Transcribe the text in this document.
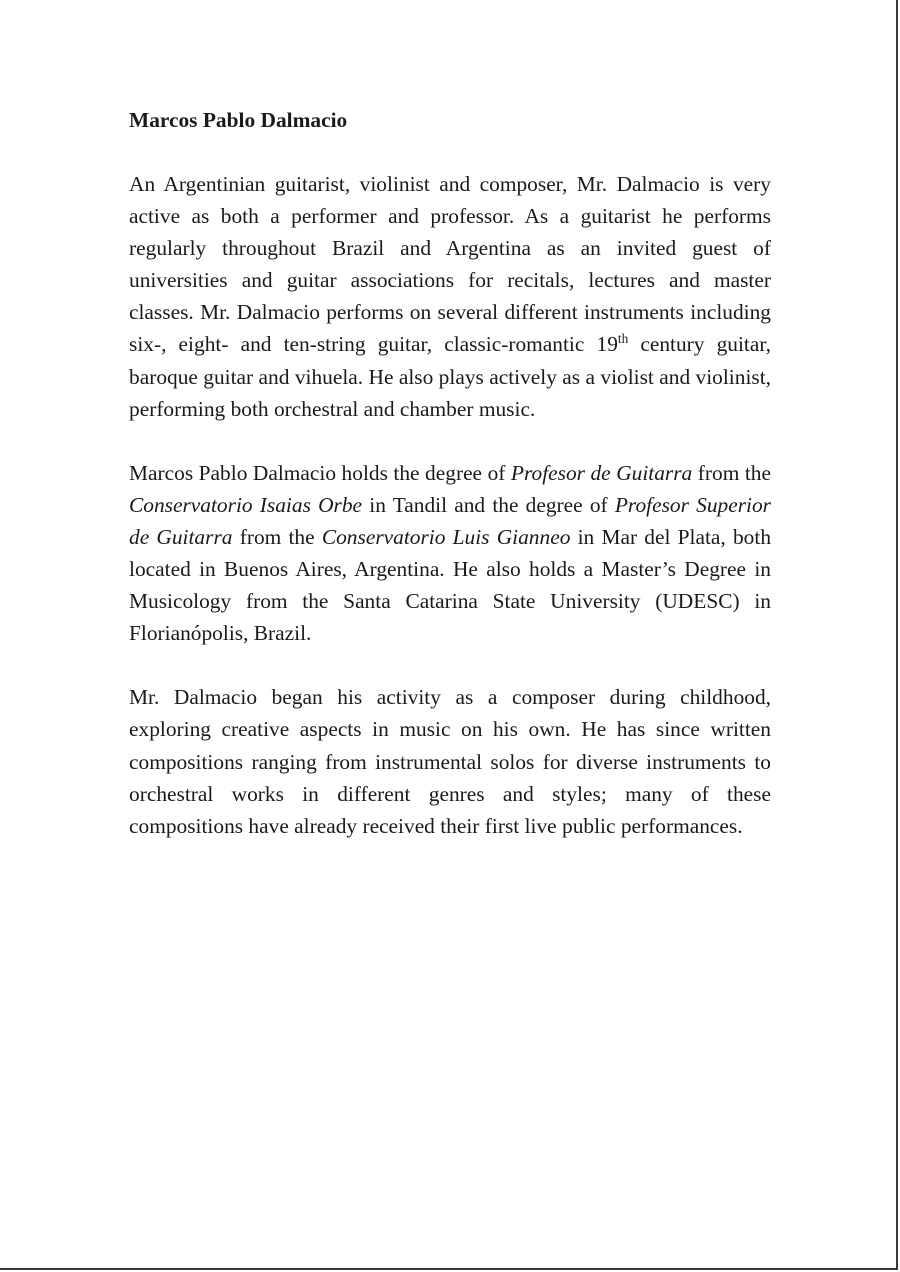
Marcos Pablo Dalmacio

An Argentinian guitarist, violinist and composer, Mr. Dalmacio is very active as both a performer and professor. As a guitarist he performs regularly throughout Brazil and Argentina as an invited guest of universities and guitar associations for recitals, lectures and master classes. Mr. Dalmacio performs on several different instruments including six-, eight- and ten-string guitar, classic-romantic 19th century guitar, baroque guitar and vihuela. He also plays actively as a violist and violinist, performing both orchestral and chamber music.

Marcos Pablo Dalmacio holds the degree of Profesor de Guitarra from the Conservatorio Isaias Orbe in Tandil and the degree of Profesor Superior de Guitarra from the Conservatorio Luis Gianneo in Mar del Plata, both located in Buenos Aires, Argentina. He also holds a Master’s Degree in Musicology from the Santa Catarina State University (UDESC) in Florianópolis, Brazil.

Mr. Dalmacio began his activity as a composer during childhood, exploring creative aspects in music on his own. He has since written compositions ranging from instrumental solos for diverse instruments to orchestral works in different genres and styles; many of these compositions have already received their first live public performances.
